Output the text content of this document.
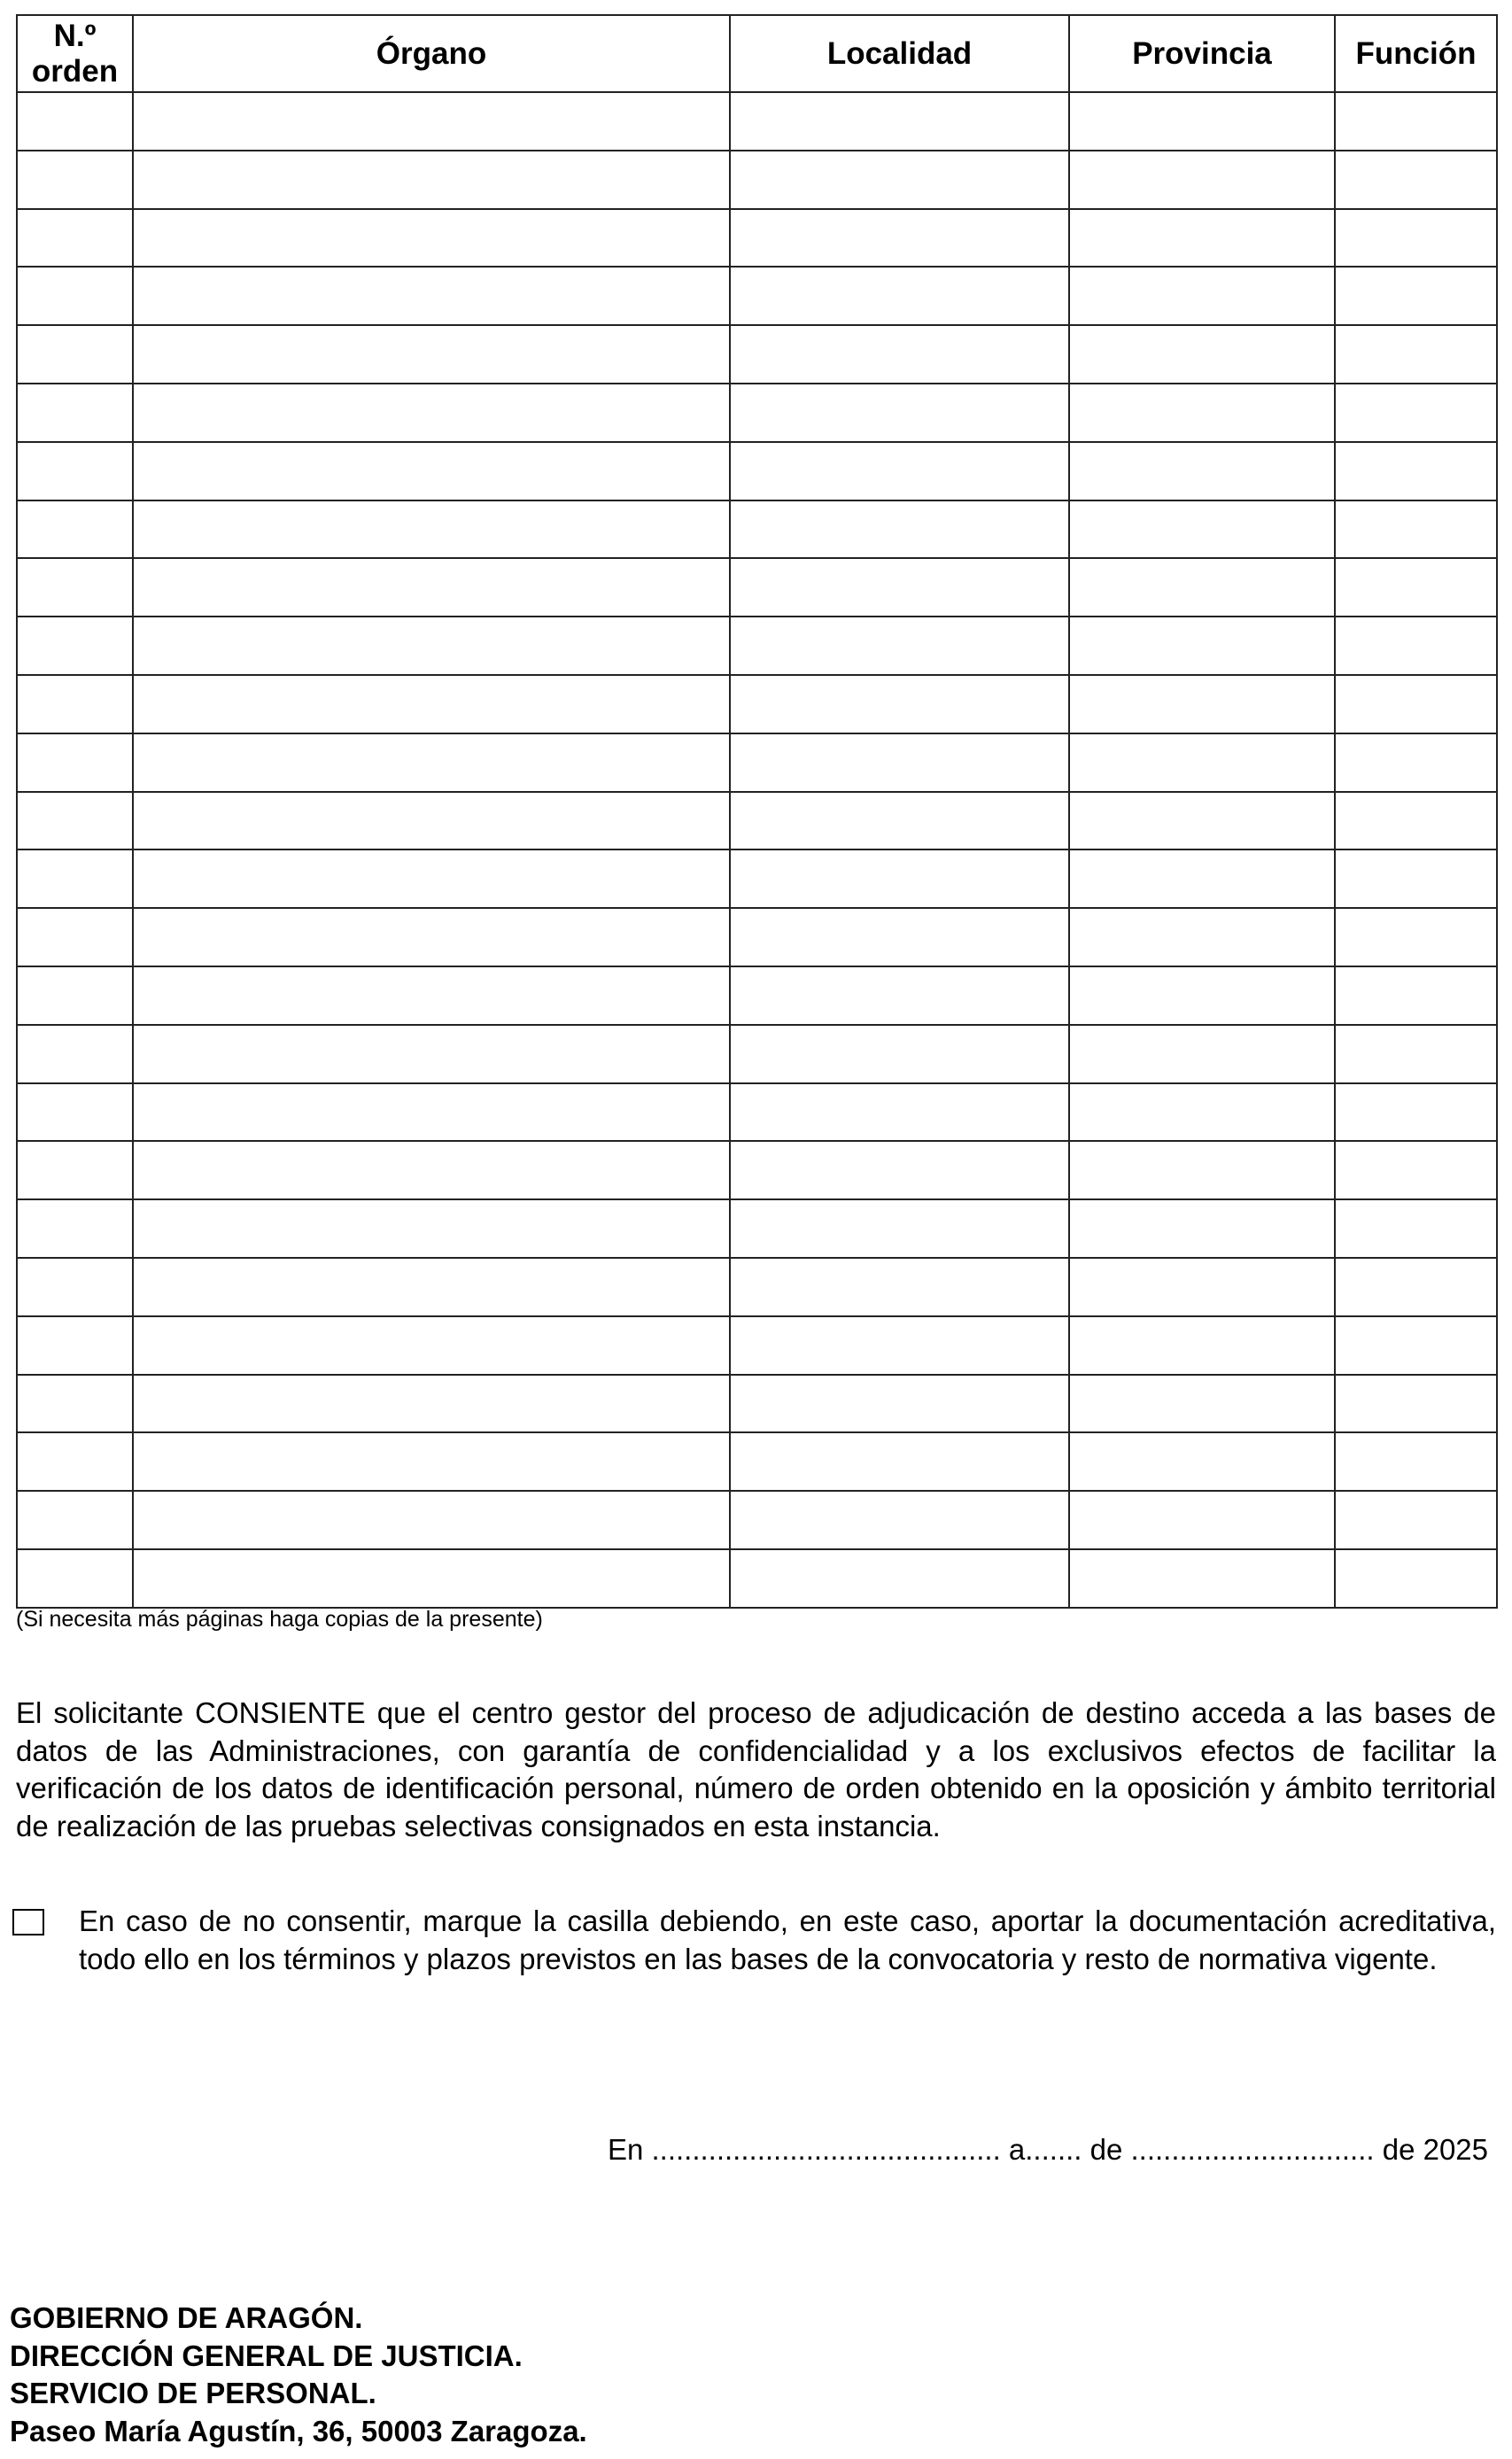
N.º orden	Órgano	Localidad	Provincia	Función

(Si necesita más páginas haga copias de la presente)
El solicitante CONSIENTE que el centro gestor del proceso de adjudicación de destino acceda a las bases de datos de las Administraciones, con garantía de confidencialidad y a los exclusivos efectos de facilitar la verificación de los datos de identificación personal, número de orden obtenido en la oposición y ámbito territorial de realización de las pruebas selectivas consignados en esta instancia.
En caso de no consentir, marque la casilla debiendo, en este caso, aportar la documentación acreditativa, todo ello en los términos y plazos previstos en las bases de la convocatoria y resto de normativa vigente.
En ........................................... a....... de .............................. de 2025
GOBIERNO DE ARAGÓN.
DIRECCIÓN GENERAL DE JUSTICIA.
SERVICIO DE PERSONAL.
Paseo María Agustín, 36, 50003 Zaragoza.
